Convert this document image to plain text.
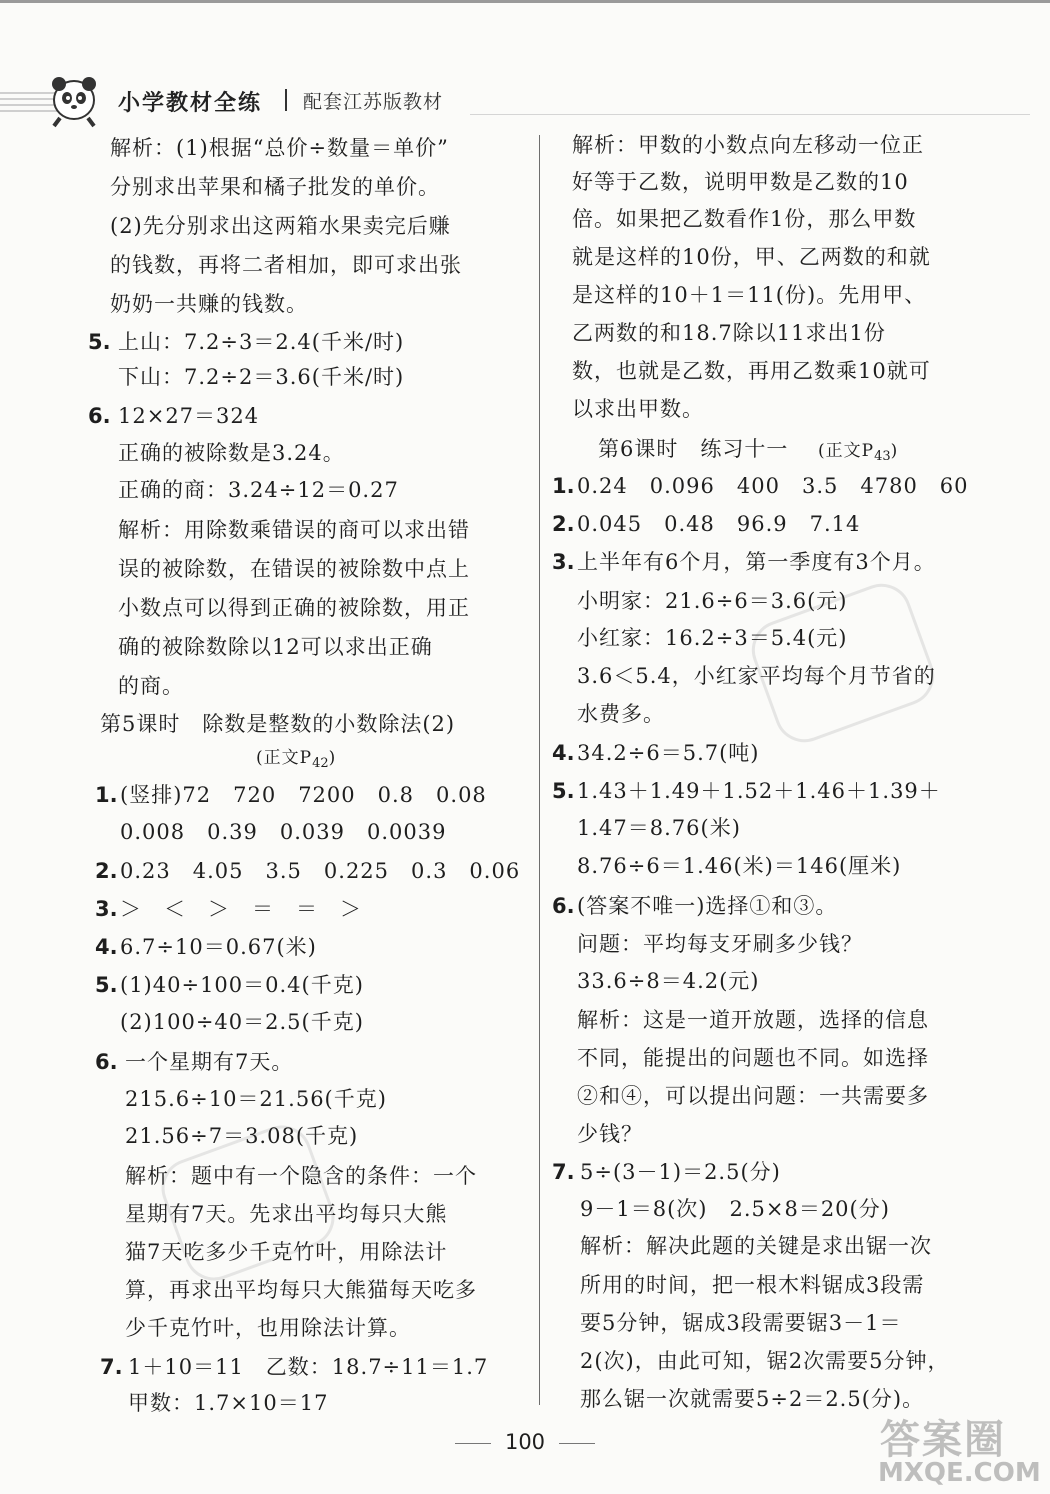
小学教材全练 配套江苏版教材
解析：(1)根据“总价÷数量＝单价”
分别求出苹果和橘子批发的单价。
(2)先分别求出这两箱水果卖完后赚
的钱数，再将二者相加，即可求出张
奶奶一共赚的钱数。
5. 上山：7.2÷3＝2.4(千米/时)
下山：7.2÷2＝3.6(千米/时)
6. 12×27＝324
正确的被除数是3.24。
正确的商：3.24÷12＝0.27
解析：用除数乘错误的商可以求出错
误的被除数，在错误的被除数中点上
小数点可以得到正确的被除数，用正
确的被除数除以12可以求出正确
的商。
第5课时　除数是整数的小数除法(2)
(正文$P_{42}$)
1. (竖排)72　720　7200　0.8　0.08
0.008　0.39　0.039　0.0039
2. 0.23　4.05　3.5　0.225　0.3　0.06
3. ＞　＜　＞　＝　＝　＞
4. 6.7÷10＝0.67(米)
5. (1)40÷100＝0.4(千克)
(2)100÷40＝2.5(千克)
6. 一个星期有7天。
215.6÷10＝21.56(千克)
21.56÷7＝3.08(千克)
解析：题中有一个隐含的条件：一个
星期有7天。先求出平均每只大熊
猫7天吃多少千克竹叶，用除法计
算，再求出平均每只大熊猫每天吃多
少千克竹叶，也用除法计算。
7. 1＋10＝11　乙数：18.7÷11＝1.7
甲数：1.7×10＝17
解析：甲数的小数点向左移动一位正
好等于乙数，说明甲数是乙数的10
倍。如果把乙数看作1份，那么甲数
就是这样的10份，甲、乙两数的和就
是这样的10＋1＝11(份)。先用甲、
乙两数的和18.7除以11求出1份
数，也就是乙数，再用乙数乘10就可
以求出甲数。
第6课时　练习十一 (正文$P_{43}$)
1. 0.24　0.096　400　3.5　4780　60
2. 0.045　0.48　96.9　7.14
3. 上半年有6个月，第一季度有3个月。
小明家：21.6÷6＝3.6(元)
小红家：16.2÷3＝5.4(元)
3.6＜5.4，小红家平均每个月节省的
水费多。
4. 34.2÷6＝5.7(吨)
5. 1.43＋1.49＋1.52＋1.46＋1.39＋
1.47＝8.76(米)
8.76÷6＝1.46(米)＝146(厘米)
6. (答案不唯一)选择①和③。
问题：平均每支牙刷多少钱？
33.6÷8＝4.2(元)
解析：这是一道开放题，选择的信息
不同，能提出的问题也不同。如选择
②和④，可以提出问题：一共需要多
少钱？
7. 5÷(3－1)＝2.5(分)
9－1＝8(次)　2.5×8＝20(分)
解析：解决此题的关键是求出锯一次
所用的时间，把一根木料锯成3段需
要5分钟，锯成3段需要锯3－1＝
2(次)，由此可知，锯2次需要5分钟，
那么锯一次就需要5÷2＝2.5(分)。
100	答案圈
MXQE.COM
